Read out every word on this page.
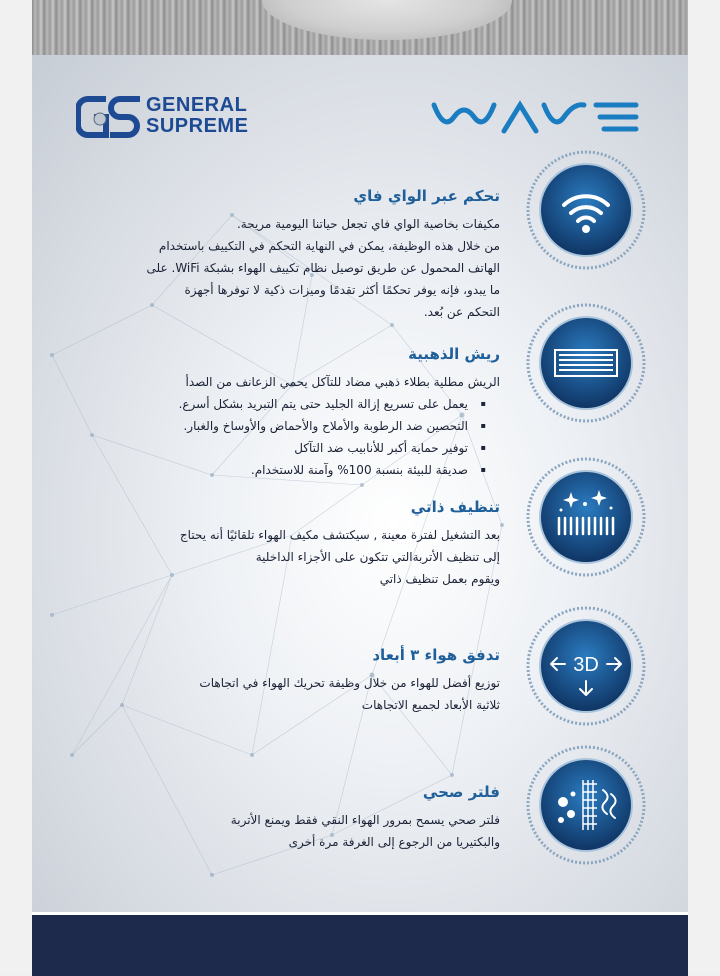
GENERAL
SUPREME

تحكم عبر الواي فاي

مكيفات بخاصية الواي فاي تجعل حياتنا اليومية مريحة.
من خلال هذه الوظيفة، يمكن في النهاية التحكم في التكييف باستخدام
الهاتف المحمول عن طريق توصيل نظام تكييف الهواء بشبكة WiFi. على
ما يبدو، فإنه يوفر تحكمًا أكثر تقدمًا وميزات ذكية لا توفرها أجهزة
التحكم عن بُعد.

ريش الذهبية

الريش مطلية بطلاء ذهبي مضاد للتآكل يحمي الزعانف من الصدأ

▪ يعمل على تسريع إزالة الجليد حتى يتم التبريد بشكل أسرع.
▪ التحصين ضد الرطوبة والأملاح والأحماض والأوساخ والغبار.
▪ توفير حماية أكبر للأنابيب ضد التآكل
▪ صديقة للبيئة بنسبة 100% وآمنة للاستخدام.

تنظيف ذاتي

بعد التشغيل لفترة معينة , سيكتشف مكيف الهواء تلقائيًا أنه يحتاج
إلى تنظيف الأتربةالتي تتكون على الأجزاء الداخلية
ويقوم بعمل تنظيف ذاتي

تدفق هواء ٣ أبعاد

توزيع أفضل للهواء من خلال وظيفة تحريك الهواء في اتجاهات
ثلاثية الأبعاد لجميع الاتجاهات

فلتر صحي

فلتر صحي يسمح بمرور الهواء النقي فقط ويمنع الأتربة
والبكتيريا من الرجوع إلى الغرفة مرة أخرى

3D
